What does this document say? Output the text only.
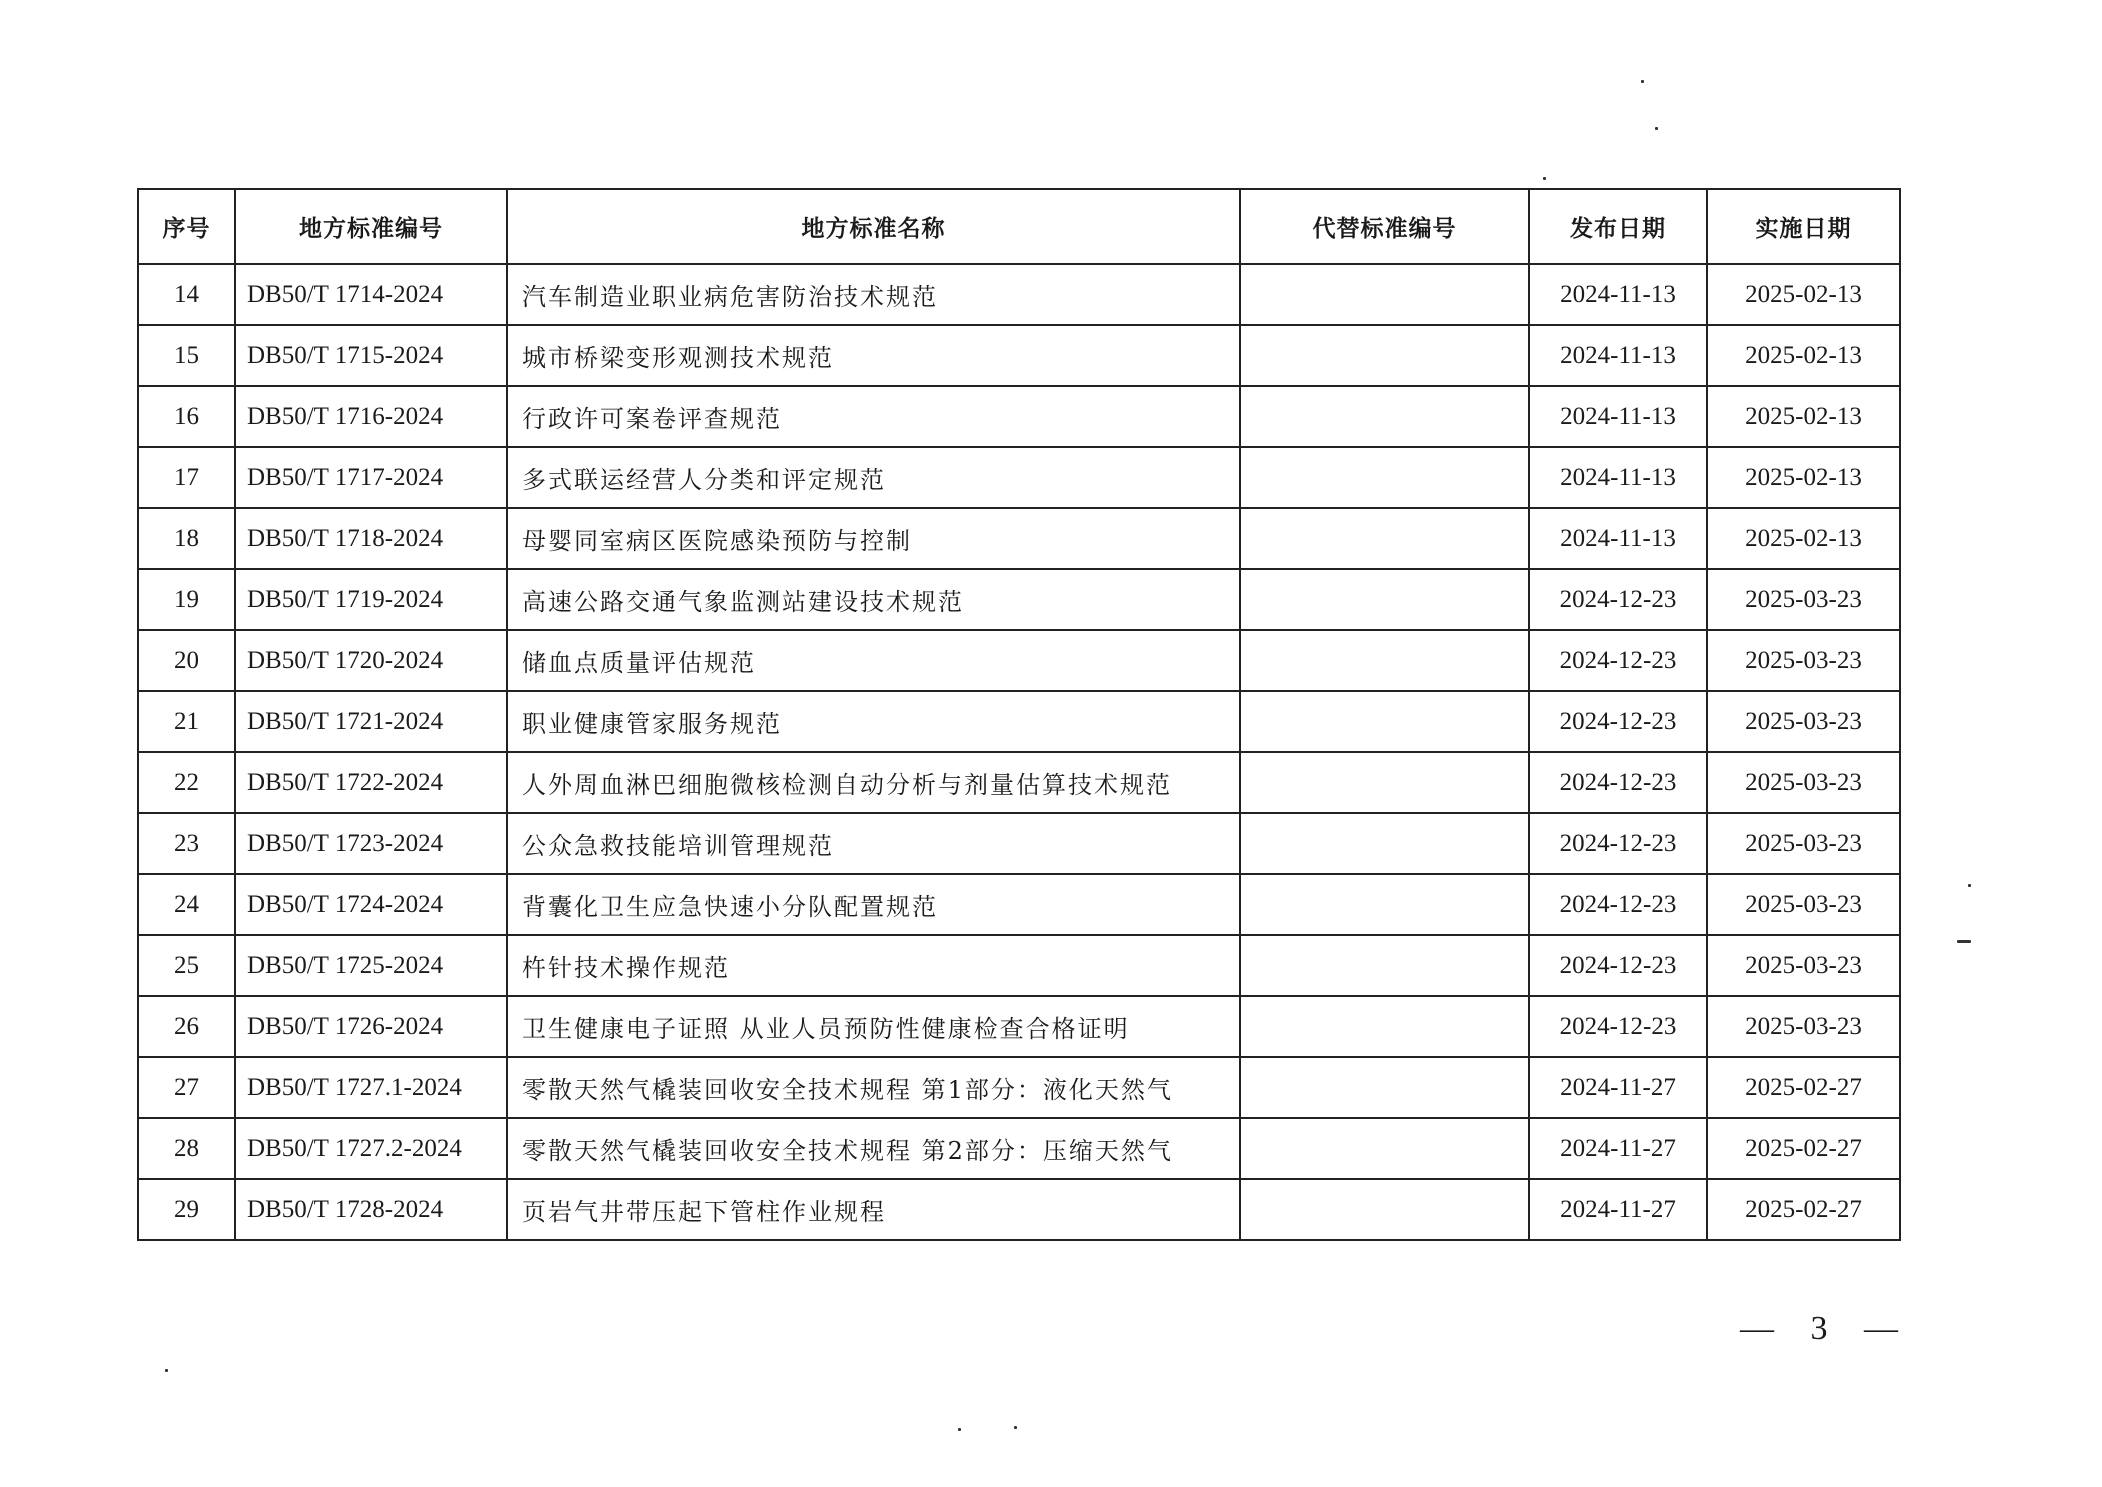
序号	地方标准编号	地方标准名称	代替标准编号	发布日期	实施日期
14	DB50/T 1714-2024	汽车制造业职业病危害防治技术规范		2024-11-13	2025-02-13
15	DB50/T 1715-2024	城市桥梁变形观测技术规范		2024-11-13	2025-02-13
16	DB50/T 1716-2024	行政许可案卷评查规范		2024-11-13	2025-02-13
17	DB50/T 1717-2024	多式联运经营人分类和评定规范		2024-11-13	2025-02-13
18	DB50/T 1718-2024	母婴同室病区医院感染预防与控制		2024-11-13	2025-02-13
19	DB50/T 1719-2024	高速公路交通气象监测站建设技术规范		2024-12-23	2025-03-23
20	DB50/T 1720-2024	储血点质量评估规范		2024-12-23	2025-03-23
21	DB50/T 1721-2024	职业健康管家服务规范		2024-12-23	2025-03-23
22	DB50/T 1722-2024	人外周血淋巴细胞微核检测自动分析与剂量估算技术规范		2024-12-23	2025-03-23
23	DB50/T 1723-2024	公众急救技能培训管理规范		2024-12-23	2025-03-23
24	DB50/T 1724-2024	背囊化卫生应急快速小分队配置规范		2024-12-23	2025-03-23
25	DB50/T 1725-2024	杵针技术操作规范		2024-12-23	2025-03-23
26	DB50/T 1726-2024	卫生健康电子证照 从业人员预防性健康检查合格证明		2024-12-23	2025-03-23
27	DB50/T 1727.1-2024	零散天然气橇装回收安全技术规程 第1部分：液化天然气		2024-11-27	2025-02-27
28	DB50/T 1727.2-2024	零散天然气橇装回收安全技术规程 第2部分：压缩天然气		2024-11-27	2025-02-27
29	DB50/T 1728-2024	页岩气井带压起下管柱作业规程		2024-11-27	2025-02-27
— 3 —
